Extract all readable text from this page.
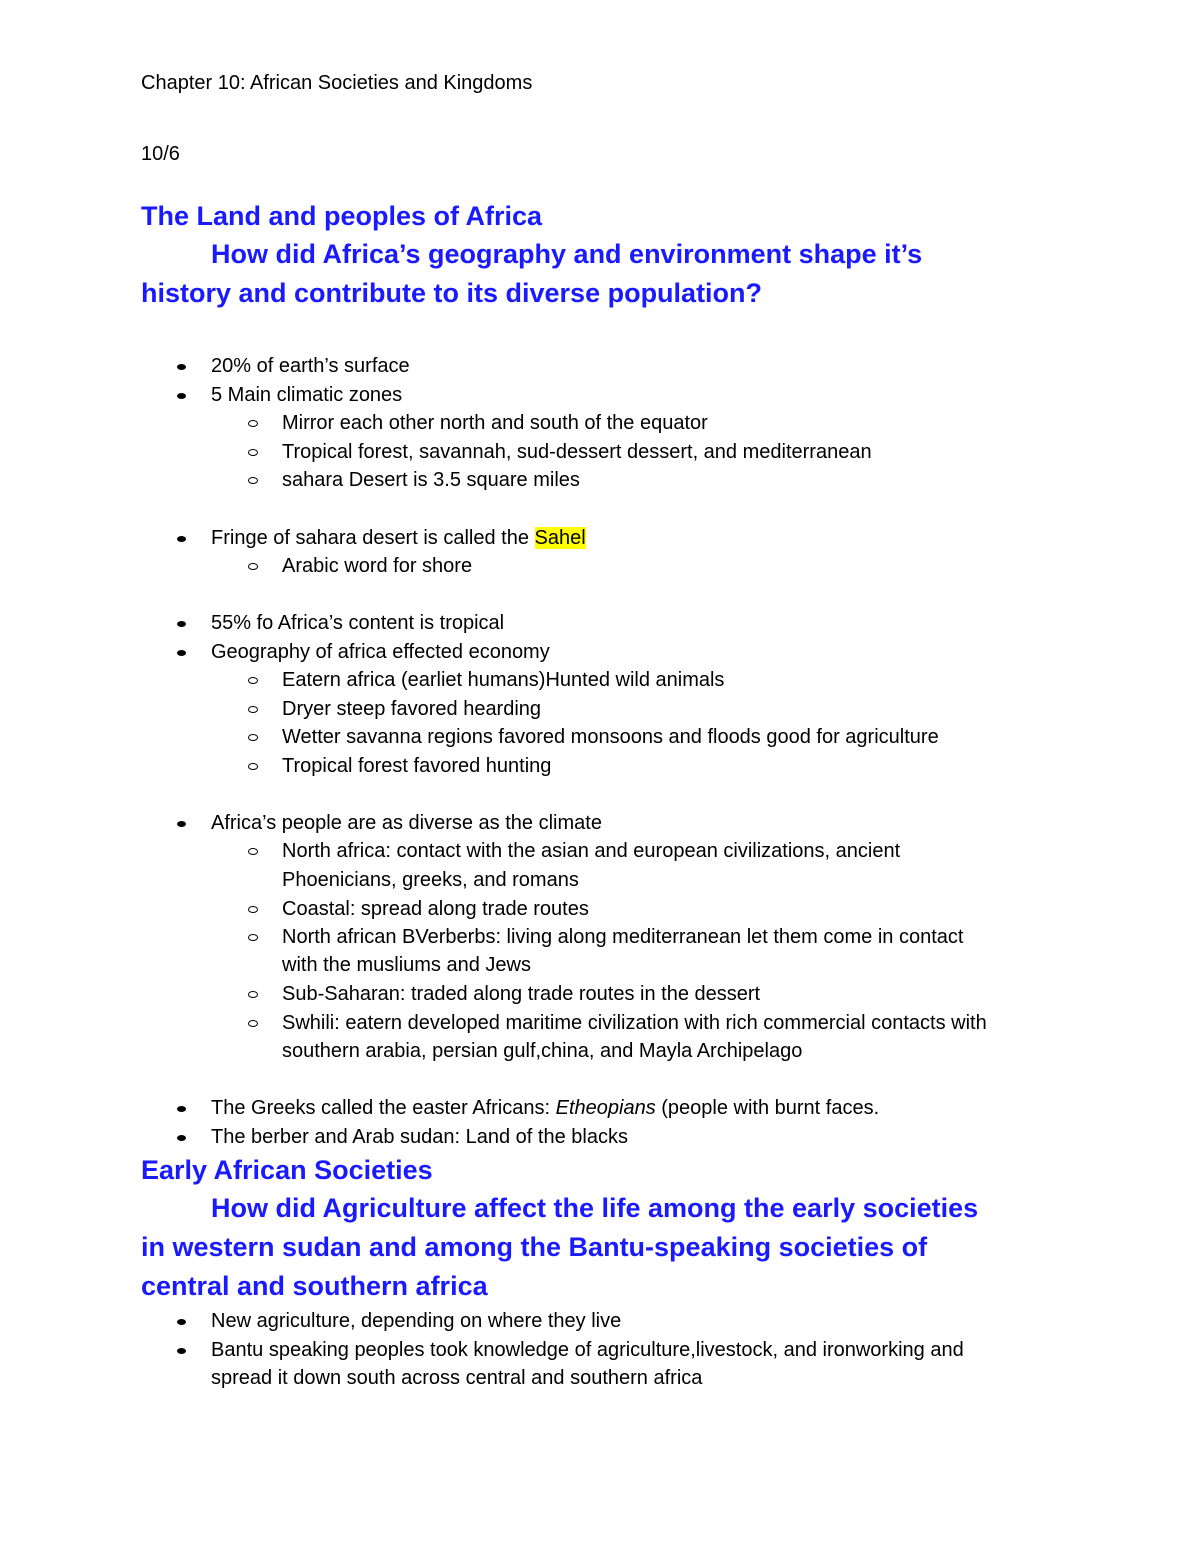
Chapter 10: African Societies and Kingdoms
10/6
The Land and peoples of Africa
How did Africa’s geography and environment shape it’s
history and contribute to its diverse population?
20% of earth’s surface
5 Main climatic zones
Mirror each other north and south of the equator
Tropical forest, savannah, sud-dessert dessert, and mediterranean
sahara Desert is 3.5 square miles
Fringe of sahara desert is called the Sahel
Arabic word for shore
55% fo Africa’s content is tropical
Geography of africa effected economy
Eatern africa (earliet humans)Hunted wild animals
Dryer steep favored hearding
Wetter savanna regions favored monsoons and floods good for agriculture
Tropical forest favored hunting
Africa’s people are as diverse as the climate
North africa: contact with the asian and european civilizations, ancient
Phoenicians, greeks, and romans
Coastal: spread along trade routes
North african BVerberbs: living along mediterranean let them come in contact
with the musliums and Jews
Sub-Saharan: traded along trade routes in the dessert
Swhili: eatern developed maritime civilization with rich commercial contacts with
southern arabia, persian gulf,china, and Mayla Archipelago
The Greeks called the easter Africans: Etheopians (people with burnt faces.
The berber and Arab sudan: Land of the blacks
Early African Societies
How did Agriculture affect the life among the early societies
in western sudan and among the Bantu-speaking societies of
central and southern africa
New agriculture, depending on where they live
Bantu speaking peoples took knowledge of agriculture,livestock, and ironworking and
spread it down south across central and southern africa
